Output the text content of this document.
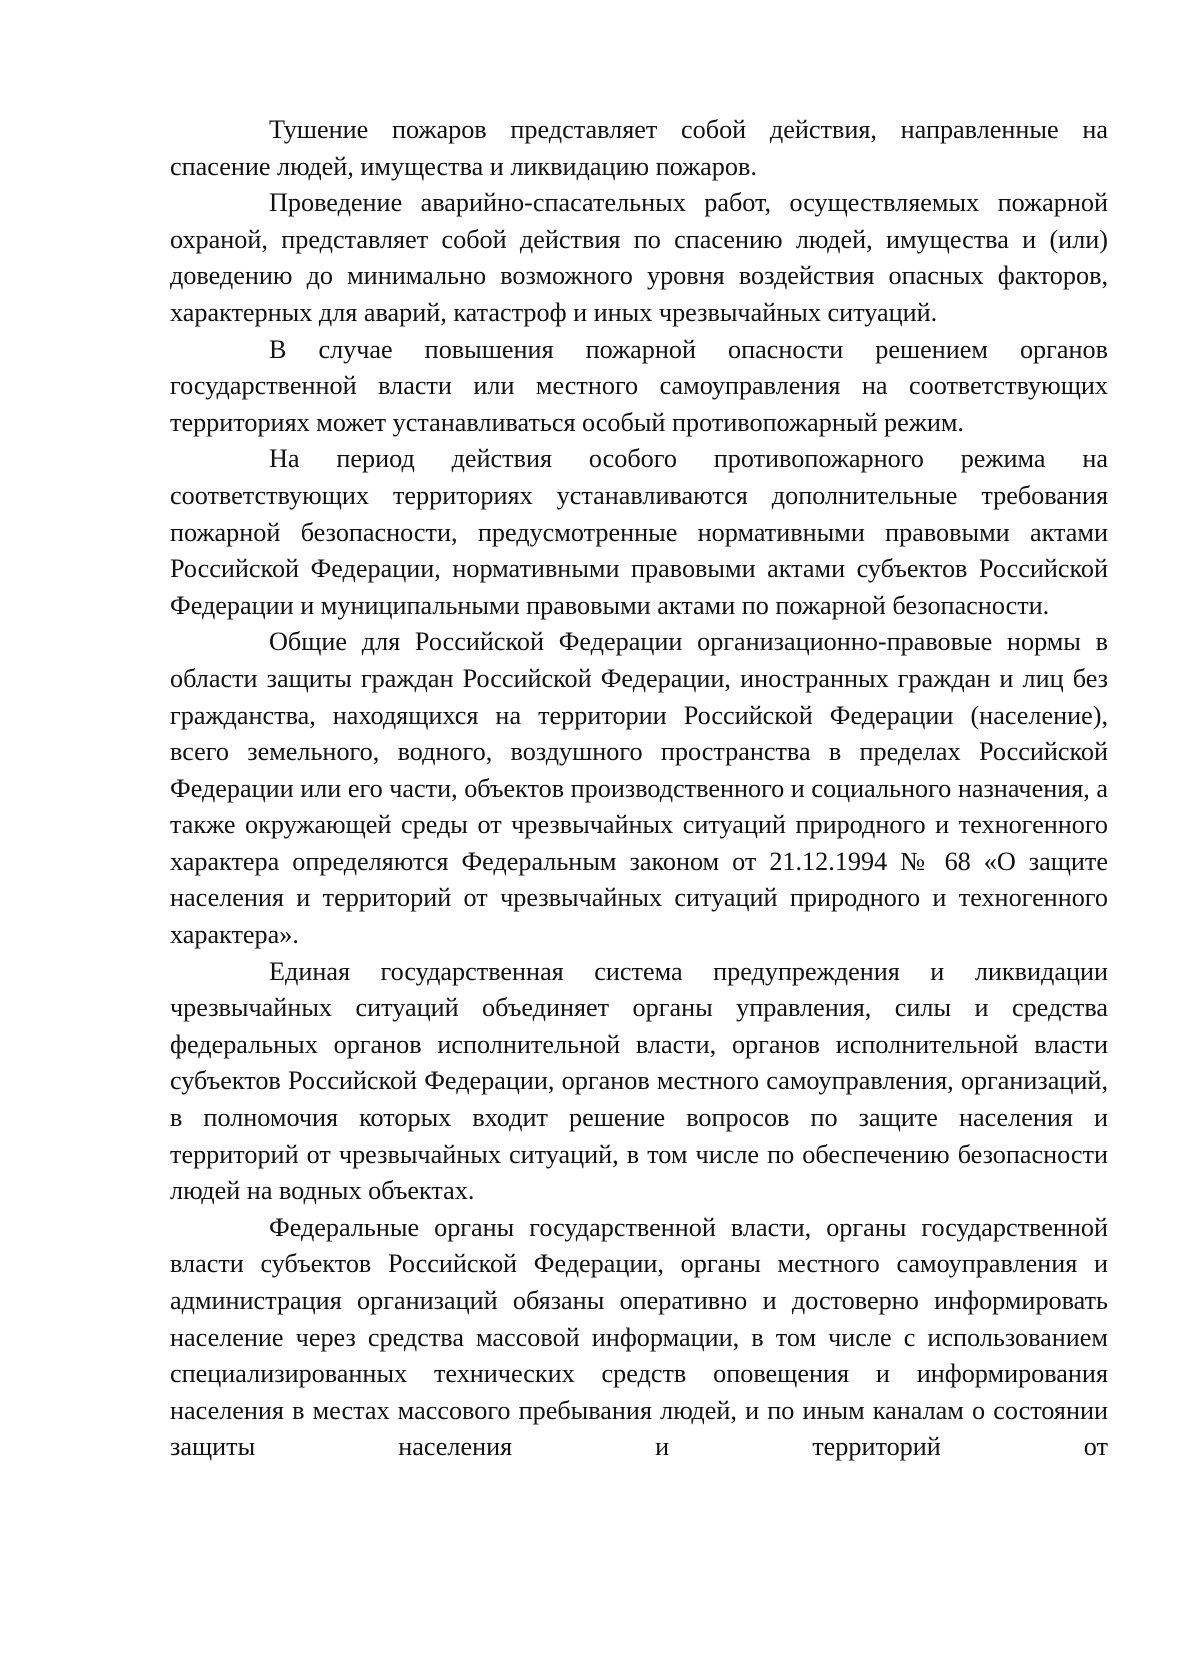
Тушение пожаров представляет собой действия, направленные на спасение людей, имущества и ликвидацию пожаров.

Проведение аварийно-спасательных работ, осуществляемых пожарной охраной, представляет собой действия по спасению людей, имущества и (или) доведению до минимально возможного уровня воздействия опасных факторов, характерных для аварий, катастроф и иных чрезвычайных ситуаций.

В случае повышения пожарной опасности решением органов государственной власти или местного самоуправления на соответствующих территориях может устанавливаться особый противопожарный режим.

На период действия особого противопожарного режима на соответствующих территориях устанавливаются дополнительные требования пожарной безопасности, предусмотренные нормативными правовыми актами Российской Федерации, нормативными правовыми актами субъектов Российской Федерации и муниципальными правовыми актами по пожарной безопасности.

Общие для Российской Федерации организационно-правовые нормы в области защиты граждан Российской Федерации, иностранных граждан и лиц без гражданства, находящихся на территории Российской Федерации (население), всего земельного, водного, воздушного пространства в пределах Российской Федерации или его части, объектов производственного и социального назначения, а также окружающей среды от чрезвычайных ситуаций природного и техногенного характера определяются Федеральным законом от 21.12.1994 № 68 «О защите населения и территорий от чрезвычайных ситуаций природного и техногенного характера».

Единая государственная система предупреждения и ликвидации чрезвычайных ситуаций объединяет органы управления, силы и средства федеральных органов исполнительной власти, органов исполнительной власти субъектов Российской Федерации, органов местного самоуправления, организаций, в полномочия которых входит решение вопросов по защите населения и территорий от чрезвычайных ситуаций, в том числе по обеспечению безопасности людей на водных объектах.

Федеральные органы государственной власти, органы государственной власти субъектов Российской Федерации, органы местного самоуправления и администрация организаций обязаны оперативно и достоверно информировать население через средства массовой информации, в том числе с использованием специализированных технических средств оповещения и информирования населения в местах массового пребывания людей, и по иным каналам о состоянии защиты населения и территорий от
